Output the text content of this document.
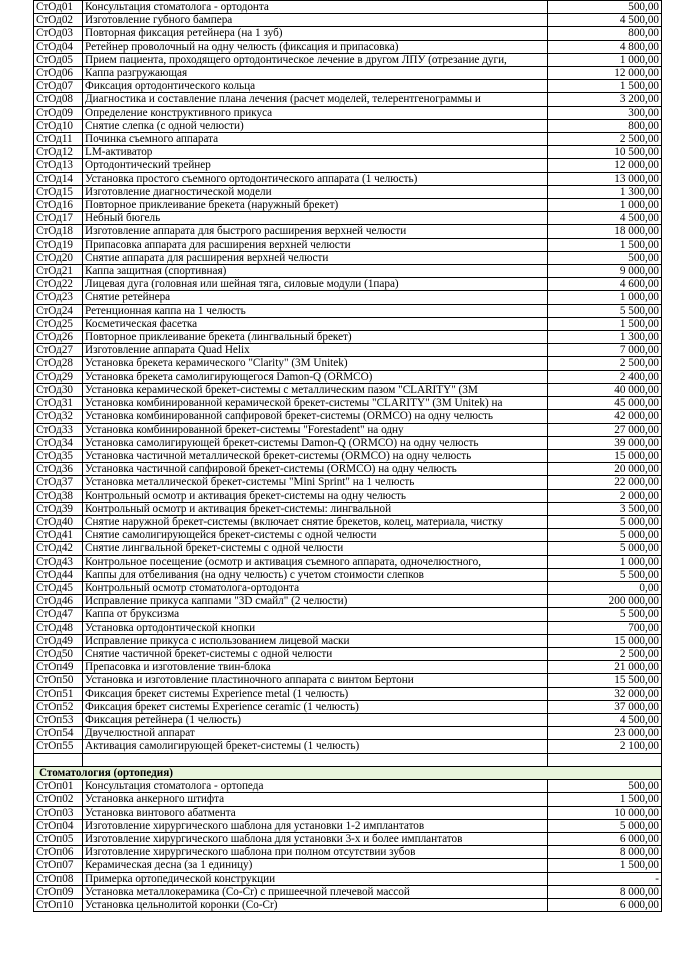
СтОд01	Консультация стоматолога - ортодонта	500,00
СтОд02	Изготовление губного бампера	4 500,00
СтОд03	Повторная фиксация ретейнера (на 1 зуб)	800,00
СтОд04	Ретейнер проволочный на одну челюсть (фиксация и припасовка)	4 800,00
СтОд05	Прием пациента, проходящего ортодонтическое лечение в другом ЛПУ (отрезание дуги,	1 000,00
СтОд06	Каппа разгружающая	12 000,00
СтОд07	Фиксация ортодонтического кольца	1 500,00
СтОд08	Диагностика и составление плана лечения (расчет моделей, телерентгенограммы и	3 200,00
СтОд09	Определение конструктивного прикуса	300,00
СтОд10	Снятие слепка (с одной челюсти)	800,00
СтОд11	Починка съемного аппарата	2 500,00
СтОд12	LM-активатор	10 500,00
СтОд13	Ортодонтический трейнер	12 000,00
СтОд14	Установка простого съемного ортодонтического аппарата (1 челюсть)	13 000,00
СтОд15	Изготовление диагностической модели	1 300,00
СтОд16	Повторное приклеивание брекета (наружный брекет)	1 000,00
СтОд17	Небный бюгель	4 500,00
СтОд18	Изготовление аппарата для быстрого расширения верхней челюсти	18 000,00
СтОд19	Припасовка аппарата для расширения верхней челюсти	1 500,00
СтОд20	Снятие аппарата для расширения верхней челюсти	500,00
СтОд21	Каппа защитная (спортивная)	9 000,00
СтОд22	Лицевая дуга (головная или шейная тяга, силовые модули (1пара)	4 600,00
СтОд23	Снятие ретейнера	1 000,00
СтОд24	Ретенционная каппа на 1 челюсть	5 500,00
СтОд25	Косметическая фасетка	1 500,00
СтОд26	Повторное приклеивание брекета (лингвальный брекет)	1 300,00
СтОд27	Изготовление аппарата Quad Helix	7 000,00
СтОд28	Установка брекета керамического "Clarity" (3M Unitek)	2 500,00
СтОд29	Установка брекета самолигирующегося Damon-Q (ORMCO)	2 400,00
СтОд30	Установка керамической брекет-системы с металлическим пазом "CLARITY" (3M	40 000,00
СтОд31	Установка комбинированной керамической брекет-системы "CLARITY" (3M Unitek) на	45 000,00
СтОд32	Установка комбинированной сапфировой брекет-системы (ORMCO) на одну челюсть	42 000,00
СтОд33	Установка комбинированной брекет-системы "Forestadent" на одну	27 000,00
СтОд34	Установка самолигирующей брекет-системы Damon-Q (ORMCO) на одну челюсть	39 000,00
СтОд35	Установка частичной металлической брекет-системы (ORMCO) на одну челюсть	15 000,00
СтОд36	Установка частичной сапфировой брекет-системы (ORMCO) на одну челюсть	20 000,00
СтОд37	Установка металлической брекет-системы "Mini Sprint" на 1 челюсть	22 000,00
СтОд38	Контрольный осмотр и активация брекет-системы на одну челюсть	2 000,00
СтОд39	Контрольный осмотр и активация брекет-системы: лингвальной	3 500,00
СтОд40	Снятие наружной брекет-системы (включает снятие брекетов, колец, материала, чистку	5 000,00
СтОд41	Снятие самолигирующейся брекет-системы с одной челюсти	5 000,00
СтОд42	Снятие лингвальной брекет-системы с одной челюсти	5 000,00
СтОд43	Контрольное посещение (осмотр и активация съемного аппарата, одночелюстного,	1 000,00
СтОд44	Каппы для отбеливания (на одну челюсть) с учетом стоимости слепков	5 500,00
СтОд45	Контрольный осмотр стоматолога-ортодонта	0,00
СтОд46	Исправление прикуса каппами "3D смайл" (2 челюсти)	200 000,00
СтОд47	Каппа от бруксизма	5 500,00
СтОд48	Установка ортодонтической кнопки	700,00
СтОд49	Исправление прикуса с использованием лицевой маски	15 000,00
СтОд50	Снятие частичной брекет-системы с одной челюсти	2 500,00
СтОп49	Препасовка и изготовление твин-блока	21 000,00
СтОп50	Установка и изготовление пластиночного аппарата с винтом Бертони	15 500,00
СтОп51	Фиксация брекет системы Experience metal (1 челюсть)	32 000,00
СтОп52	Фиксация брекет системы Experience ceramic (1 челюсть)	37 000,00
СтОп53	Фиксация ретейнера (1 челюсть)	4 500,00
СтОп54	Двучелюстной аппарат	23 000,00
СтОп55	Активация самолигирующей брекет-системы (1 челюсть)	2 100,00

Стоматология (ортопедия)		
СтОп01	Консультация стоматолога - ортопеда	500,00
СтОп02	Установка анкерного штифта	1 500,00
СтОп03	Установка винтового абатмента	10 000,00
СтОп04	Изготовление хирургического шаблона для установки 1-2 имплантатов	5 000,00
СтОп05	Изготовление хирургического шаблона для установки 3-х и более имплантатов	6 000,00
СтОп06	Изготовление хирургического шаблона при полном отсутствии зубов	8 000,00
СтОп07	Керамическая десна (за 1 единицу)	1 500,00
СтОп08	Примерка ортопедической конструкции	-
СтОп09	Установка металлокерамика (Co-Cr) с пришеечной плечевой массой	8 000,00
СтОп10	Установка цельнолитой коронки (Co-Cr)	6 000,00
